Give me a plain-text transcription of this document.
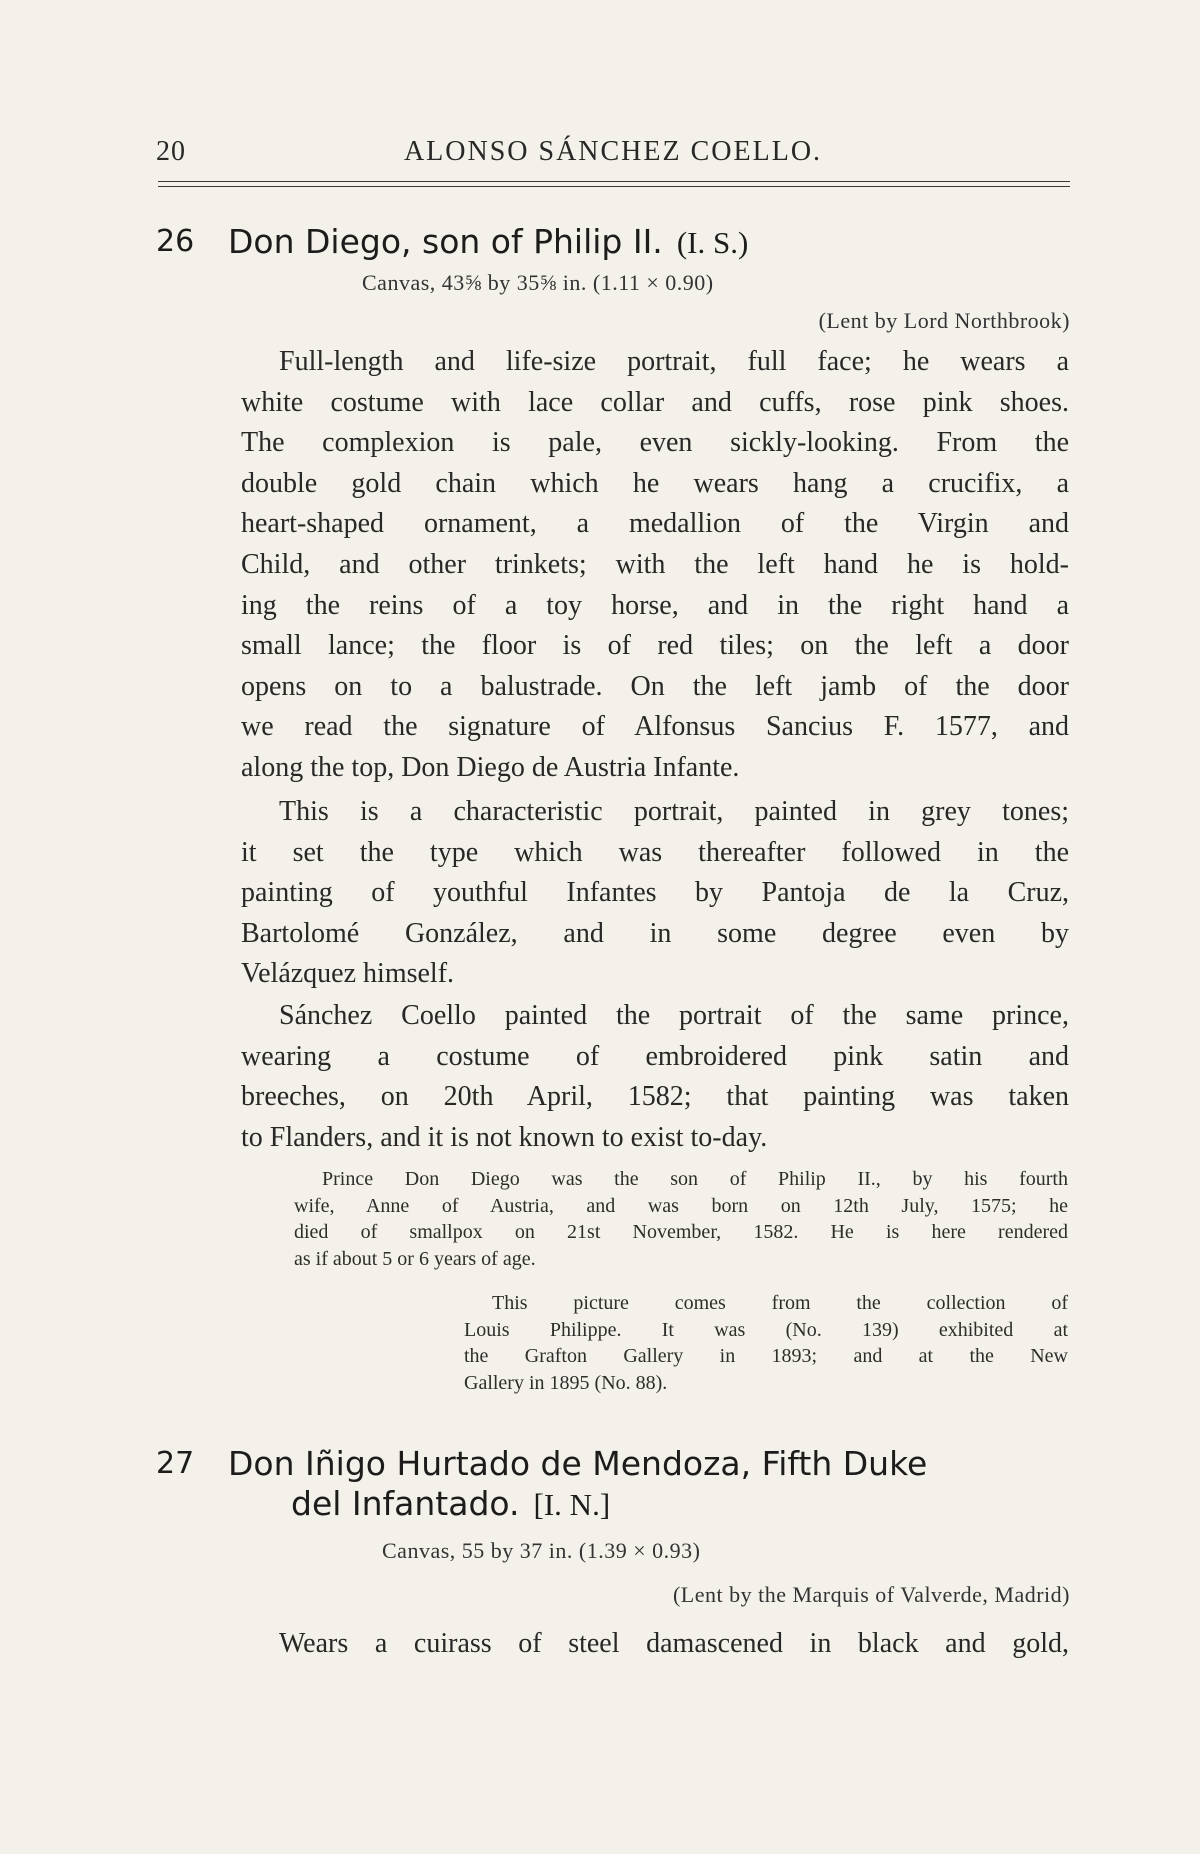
20	ALONSO SÁNCHEZ COELLO.
26 Don Diego, son of Philip II. (I. S.)
Canvas, 43⅝ by 35⅝ in. (1.11 × 0.90)
(Lent by Lord Northbrook)
Full-length and life-size portrait, full face; he wears a
white costume with lace collar and cuffs, rose pink shoes.
The complexion is pale, even sickly-looking. From the
double gold chain which he wears hang a crucifix, a
heart-shaped ornament, a medallion of the Virgin and
Child, and other trinkets; with the left hand he is hold-
ing the reins of a toy horse, and in the right hand a
small lance; the floor is of red tiles; on the left a door
opens on to a balustrade. On the left jamb of the door
we read the signature of Alfonsus Sancius F. 1577, and
along the top, Don Diego de Austria Infante.
This is a characteristic portrait, painted in grey tones;
it set the type which was thereafter followed in the
painting of youthful Infantes by Pantoja de la Cruz,
Bartolomé González, and in some degree even by
Velázquez himself.
Sánchez Coello painted the portrait of the same prince,
wearing a costume of embroidered pink satin and
breeches, on 20th April, 1582; that painting was taken
to Flanders, and it is not known to exist to-day.
Prince Don Diego was the son of Philip II., by his fourth
wife, Anne of Austria, and was born on 12th July, 1575; he
died of smallpox on 21st November, 1582. He is here rendered
as if about 5 or 6 years of age.
This picture comes from the collection of
Louis Philippe. It was (No. 139) exhibited at
the Grafton Gallery in 1893; and at the New
Gallery in 1895 (No. 88).
27 Don Iñigo Hurtado de Mendoza, Fifth Duke
del Infantado. [I. N.]
Canvas, 55 by 37 in. (1.39 × 0.93)
(Lent by the Marquis of Valverde, Madrid)
Wears a cuirass of steel damascened in black and gold,
